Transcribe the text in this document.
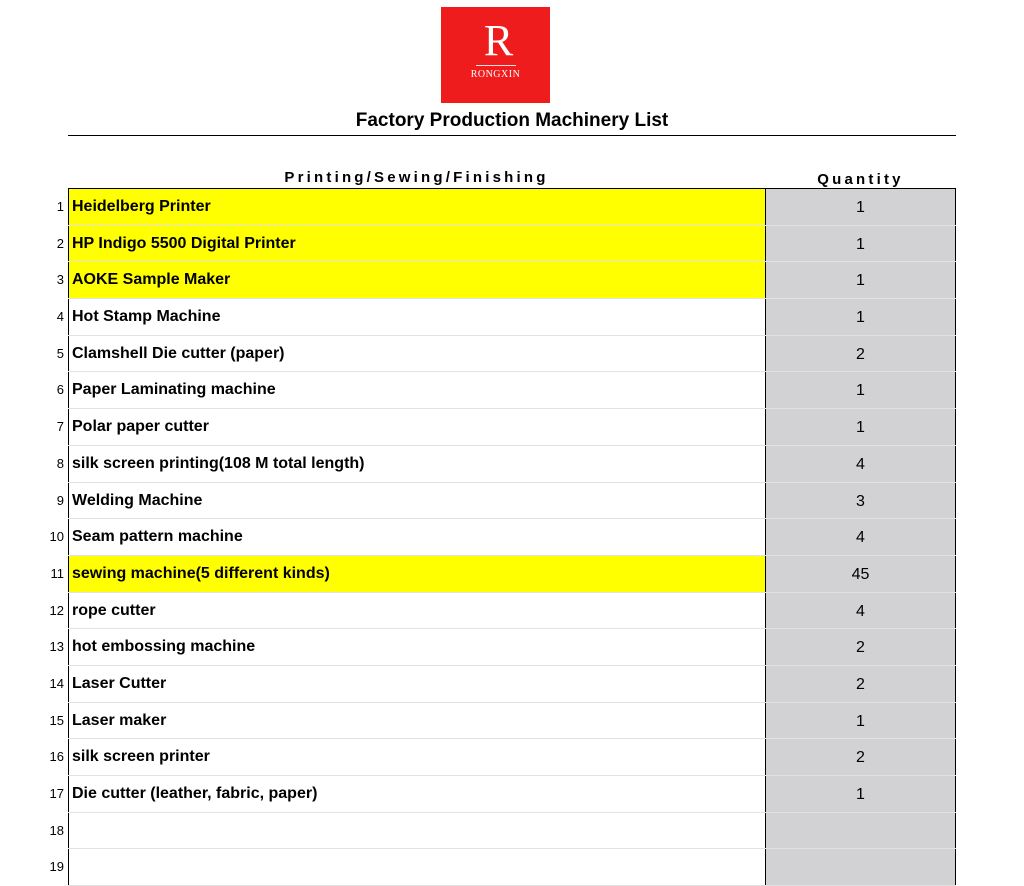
R
RONGXIN
Factory Production Machinery List
Printing/Sewing/Finishing	Quantity
1 Heidelberg Printer	1
2 HP Indigo 5500 Digital Printer	1
3 AOKE Sample Maker	1
4 Hot Stamp Machine	1
5 Clamshell Die cutter (paper)	2
6 Paper Laminating machine	1
7 Polar paper cutter	1
8 silk screen printing(108 M total length)	4
9 Welding Machine	3
10 Seam pattern machine	4
11 sewing machine(5 different kinds)	45
12 rope cutter	4
13 hot embossing machine	2
14 Laser Cutter	2
15 Laser maker	1
16 silk screen printer	2
17 Die cutter (leather, fabric, paper)	1
18
19
